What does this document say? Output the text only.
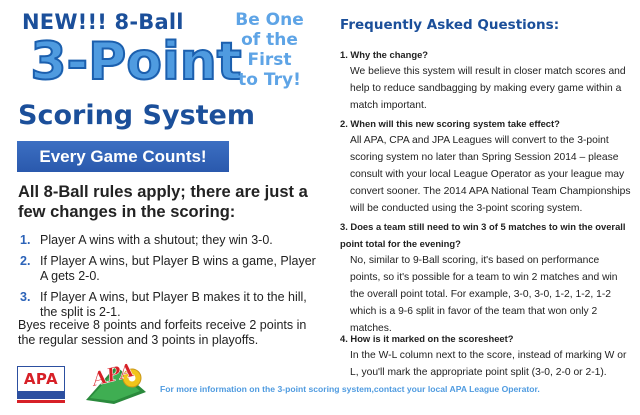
NEW!!! 8-Ball
3-Point
Scoring System
Be One
of the
First
to Try!
Every Game Counts!
All 8-Ball rules apply; there are just a few changes in the scoring:
1. Player A wins with a shutout; they win 3-0.
2. If Player A wins, but Player B wins a game, Player A gets 2-0.
3. If Player A wins, but Player B makes it to the hill, the split is 2-1.
Byes receive 8 points and forfeits receive 2 points in the regular session and 3 points in playoffs.
APA	APA	For more information on the 3-point scoring system,contact your local APA League Operator.
Frequently Asked Questions:
1. Why the change?
We believe this system will result in closer match scores and help to reduce sandbagging by making every game within a match important.
2. When will this new scoring system take effect?
All APA, CPA and JPA Leagues will convert to the 3-point scoring system no later than Spring Session 2014 – please consult with your local League Operator as your league may convert sooner. The 2014 APA National Team Championships will be conducted using the 3-point scoring system.
3. Does a team still need to win 3 of 5 matches to win the overall point total for the evening?
No, similar to 9-Ball scoring, it's based on performance points, so it's possible for a team to win 2 matches and win the overall point total. For example, 3-0, 3-0, 1-2, 1-2, 1-2 which is a 9-6 split in favor of the team that won only 2 matches.
4. How is it marked on the scoresheet?
In the W-L column next to the score, instead of marking W or L, you'll mark the appropriate point split (3-0, 2-0 or 2-1).
